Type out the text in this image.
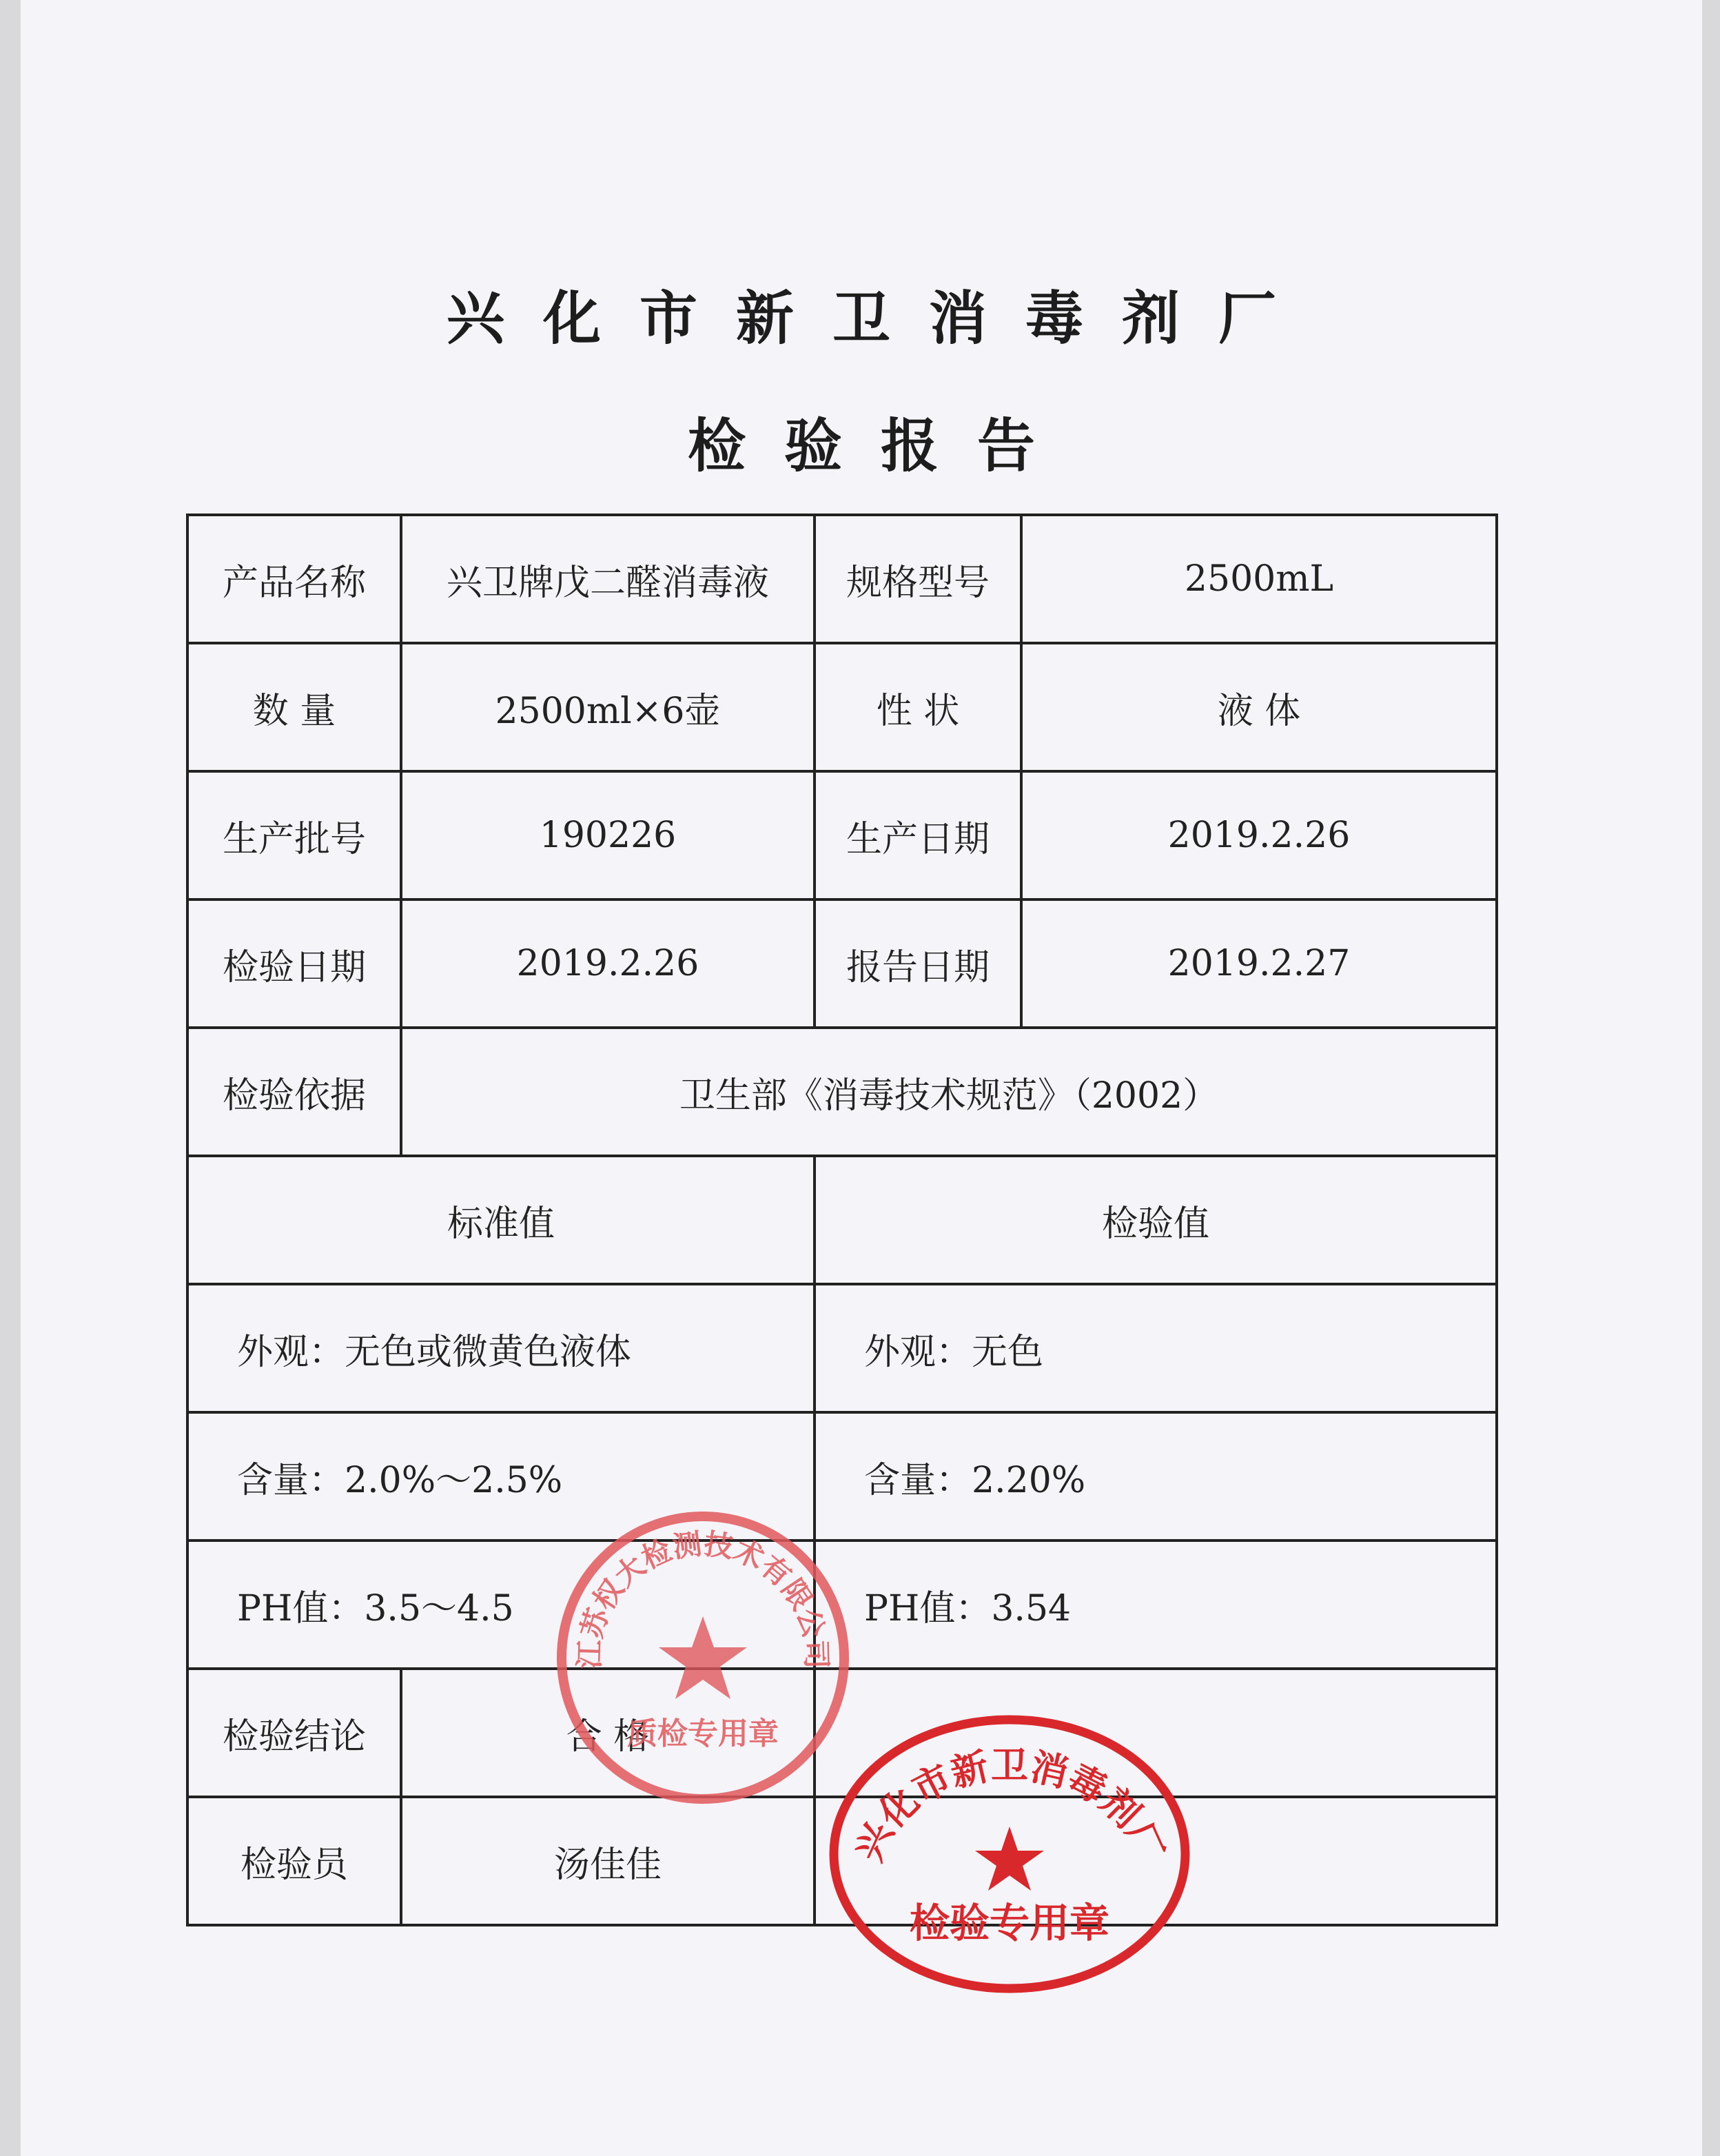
兴化市新卫消毒剂厂
检验报告
产品名称	兴卫牌戊二醛消毒液	规格型号	2500mL
数 量	2500ml×6壶	性 状	液 体
生产批号	190226	生产日期	2019.2.26
检验日期	2019.2.26	报告日期	2019.2.27
检验依据	卫生部《消毒技术规范》（2002）		
标准值		检验值	
外观：无色或微黄色液体		外观：无色	
含量：2.0%～2.5%		含量：2.20%	
PH值：3.5～4.5		PH值：3.54	
检验结论	合 格		
检验员	汤佳佳		
江苏权大检测技术有限公司
质检专用章
兴化市新卫消毒剂厂
检验专用章
